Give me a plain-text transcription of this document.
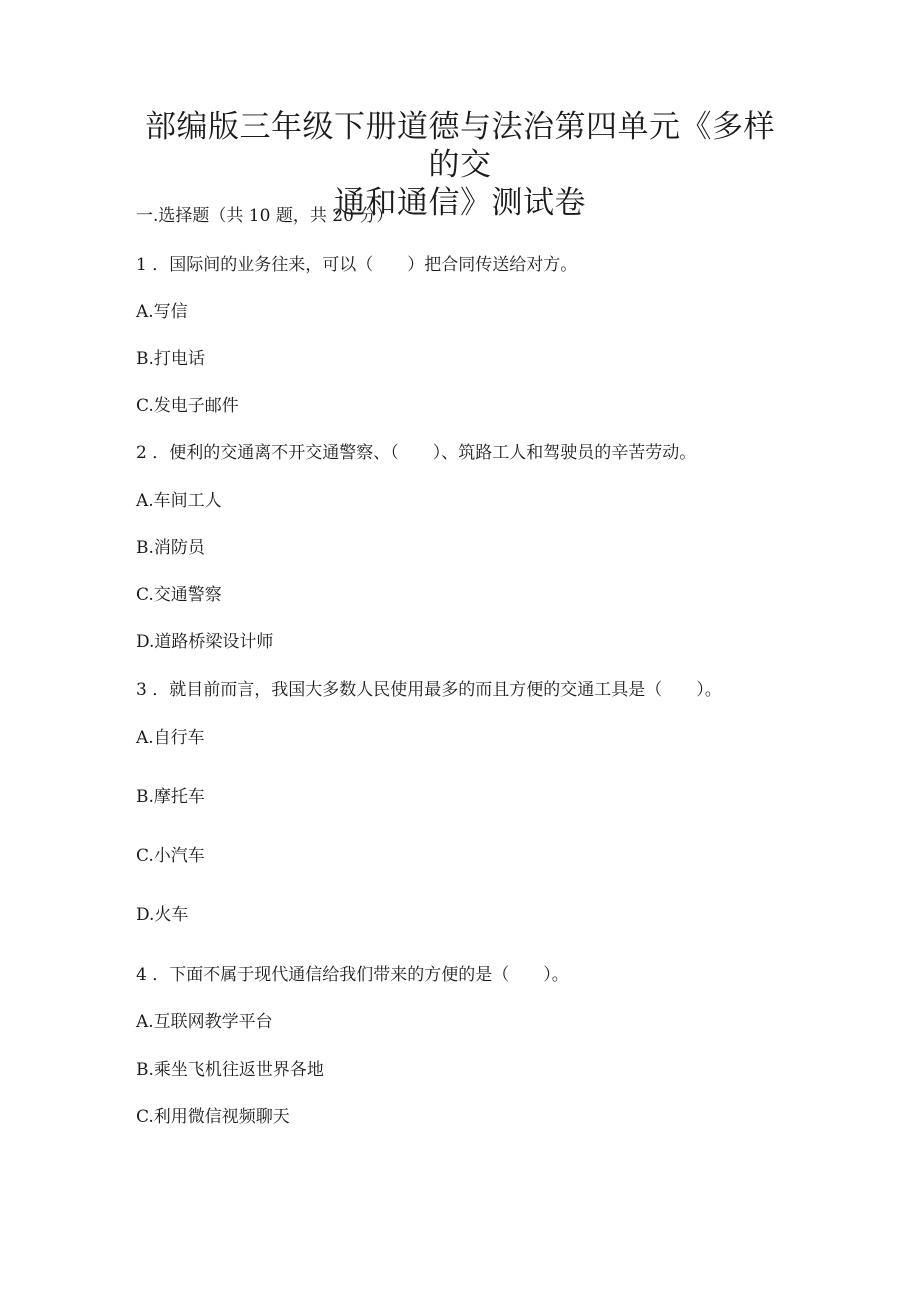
部编版三年级下册道德与法治第四单元《多样的交
通和通信》测试卷
一.选择题（共 10 题，共 20 分）
1 ．国际间的业务往来，可以（　　）把合同传送给对方。
A.写信
B.打电话
C.发电子邮件
2 ．便利的交通离不开交通警察、（　　）、筑路工人和驾驶员的辛苦劳动。
A.车间工人
B.消防员
C.交通警察
D.道路桥梁设计师
3 ．就目前而言，我国大多数人民使用最多的而且方便的交通工具是（　　）。
A.自行车
B.摩托车
C.小汽车
D.火车
4 ．下面不属于现代通信给我们带来的方便的是（　　）。
A.互联网教学平台
B.乘坐飞机往返世界各地
C.利用微信视频聊天
